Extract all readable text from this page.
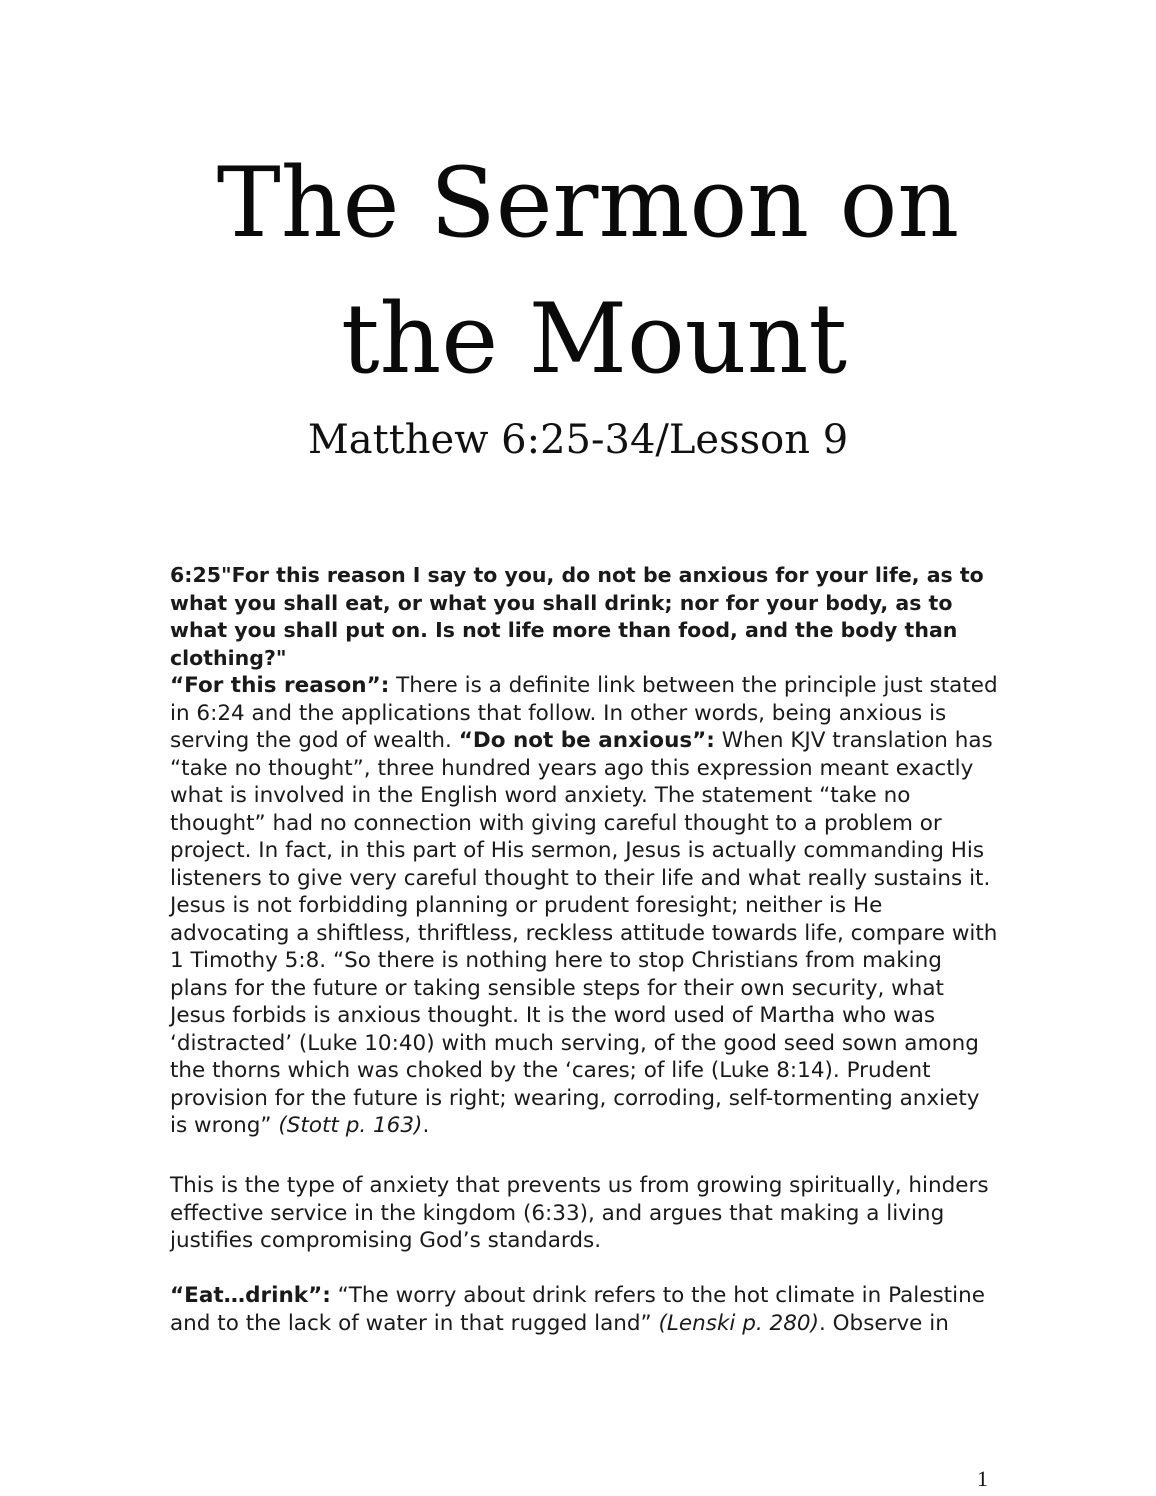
The Sermon on
the Mount
Matthew 6:25-34/Lesson 9
6:25"For this reason I say to you, do not be anxious for your life, as to what you shall eat, or what you shall drink; nor for your body, as to what you shall put on. Is not life more than food, and the body than clothing?"
“For this reason”: There is a definite link between the principle just stated in 6:24 and the applications that follow. In other words, being anxious is serving the god of wealth. “Do not be anxious”: When KJV translation has “take no thought”, three hundred years ago this expression meant exactly what is involved in the English word anxiety. The statement “take no thought” had no connection with giving careful thought to a problem or project. In fact, in this part of His sermon, Jesus is actually commanding His listeners to give very careful thought to their life and what really sustains it. Jesus is not forbidding planning or prudent foresight; neither is He advocating a shiftless, thriftless, reckless attitude towards life, compare with 1 Timothy 5:8. “So there is nothing here to stop Christians from making plans for the future or taking sensible steps for their own security, what Jesus forbids is anxious thought. It is the word used of Martha who was ‘distracted’ (Luke 10:40) with much serving, of the good seed sown among the thorns which was choked by the ‘cares; of life (Luke 8:14). Prudent provision for the future is right; wearing, corroding, self-tormenting anxiety is wrong” (Stott p. 163).
This is the type of anxiety that prevents us from growing spiritually, hinders effective service in the kingdom (6:33), and argues that making a living justifies compromising God’s standards.
“Eat…drink”: “The worry about drink refers to the hot climate in Palestine and to the lack of water in that rugged land” (Lenski p. 280). Observe in
1
